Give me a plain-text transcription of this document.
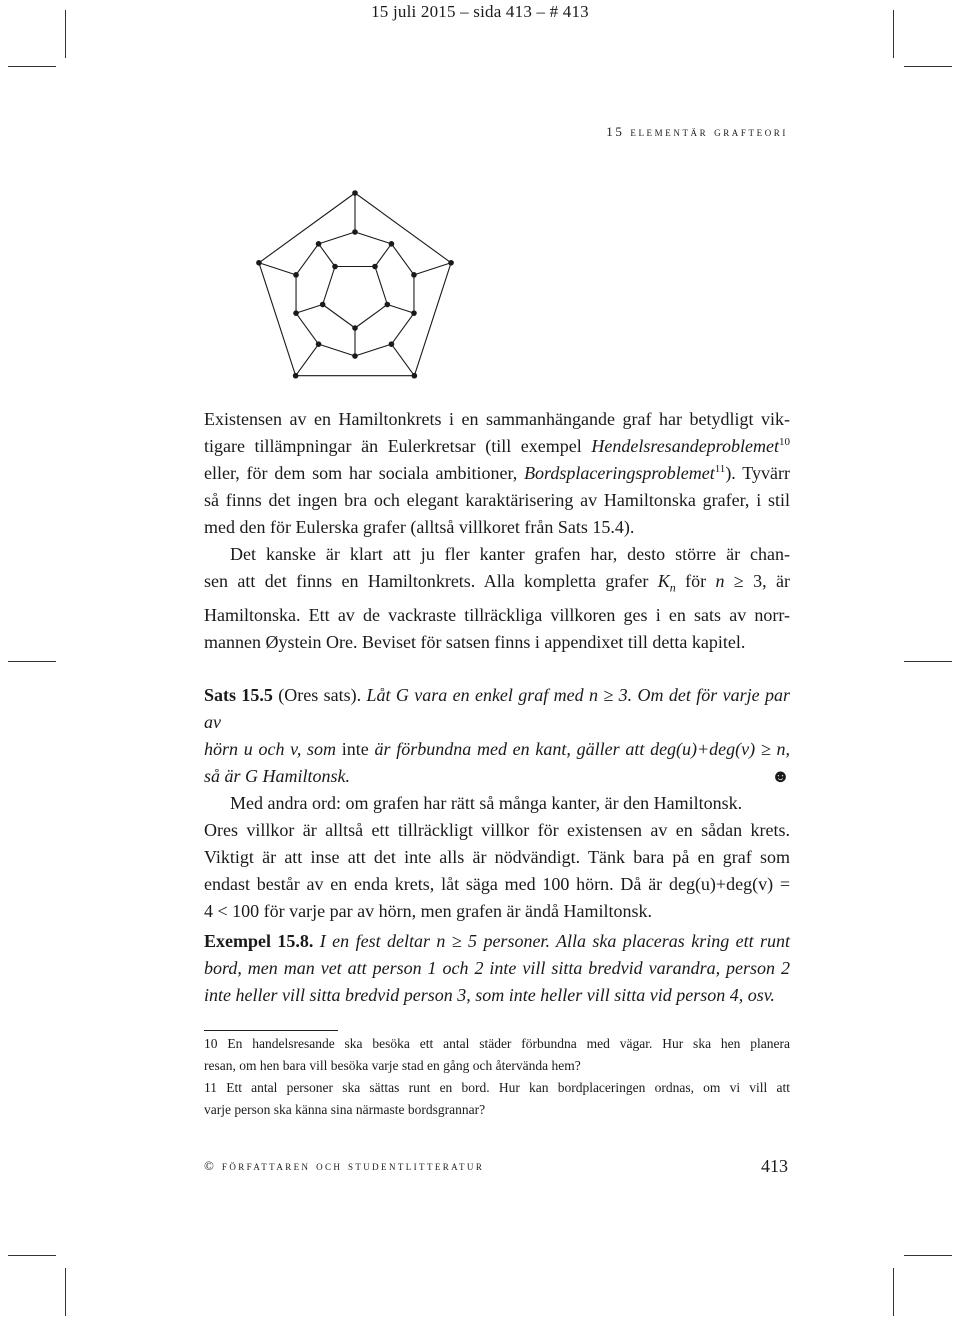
15 juli 2015 – sida 413 – # 413
15 elementär grafteori
Existensen av en Hamiltonkrets i en sammanhängande graf har betydligt vik-
tigare tillämpningar än Eulerkretsar (till exempel Hendelsresandeproblemet$^{10}$
eller, för dem som har sociala ambitioner, Bordsplaceringsproblemet$^{11}$). Tyvärr
så finns det ingen bra och elegant karaktärisering av Hamiltonska grafer, i stil
med den för Eulerska grafer (alltså villkoret från Sats 15.4).
Det kanske är klart att ju fler kanter grafen har, desto större är chan-
sen att det finns en Hamiltonkrets. Alla kompletta grafer $K_n$ för n ≥ 3, är
Hamiltonska. Ett av de vackraste tillräckliga villkoren ges i en sats av norr-
mannen Øystein Ore. Beviset för satsen finns i appendixet till detta kapitel.
Sats 15.5 (Ores sats). Låt G vara en enkel graf med n ≥ 3. Om det för varje par av
hörn u och v, som inte är förbundna med en kant, gäller att deg(u)+deg(v) ≥ n,
så är G Hamiltonsk.	☻
Med andra ord: om grafen har rätt så många kanter, är den Hamiltonsk.
Ores villkor är alltså ett tillräckligt villkor för existensen av en sådan krets.
Viktigt är att inse att det inte alls är nödvändigt. Tänk bara på en graf som
endast består av en enda krets, låt säga med 100 hörn. Då är deg(u)+deg(v) =
4 < 100 för varje par av hörn, men grafen är ändå Hamiltonsk.
Exempel 15.8. I en fest deltar n ≥ 5 personer. Alla ska placeras kring ett runt
bord, men man vet att person 1 och 2 inte vill sitta bredvid varandra, person 2
inte heller vill sitta bredvid person 3, som inte heller vill sitta vid person 4, osv.
10 En handelsresande ska besöka ett antal städer förbundna med vägar. Hur ska hen planera
resan, om hen bara vill besöka varje stad en gång och återvända hem?
11 Ett antal personer ska sättas runt en bord. Hur kan bordplaceringen ordnas, om vi vill att
varje person ska känna sina närmaste bordsgrannar?
© författaren och studentlitteratur	413
